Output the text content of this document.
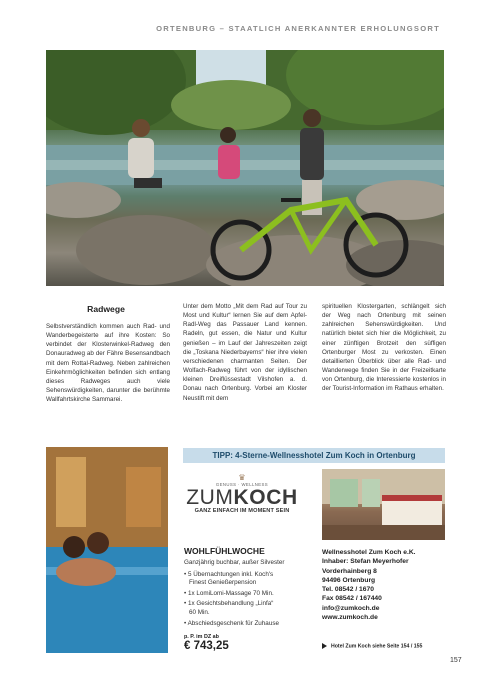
ORTENBURG – STAATLICH ANERKANNTER ERHOLUNGSORT
Radwege

Selbstverständlich kommen auch Rad- und Wanderbegeisterte auf ihre Kosten: So verbindet der Klosterwinkel-Radweg den Donauradweg ab der Fähre Besensandbach mit dem Rottal-Radweg. Neben zahlreichen Einkehrmöglichkeiten befinden sich entlang dieses Radweges auch viele Sehenswürdigkeiten, darunter die berühmte Wallfahrtskirche Sammarei.

Unter dem Motto „Mit dem Rad auf Tour zu Most und Kultur“ lernen Sie auf dem Apfel-Radl-Weg das Passauer Land kennen. Radeln, gut essen, die Natur und Kultur genießen – im Lauf der Jahreszeiten zeigt die „Toskana Niederbayerns“ hier ihre vielen verschiedenen charmanten Seiten. Der Wolfach-Radweg führt von der idyllischen kleinen Dreiflüssestadt Vilshofen a. d. Donau nach Ortenburg. Vorbei am Kloster Neustift mit dem

spirituellen Klostergarten, schlängelt sich der Weg nach Ortenburg mit seinen zahlreichen Sehenswürdigkeiten. Und natürlich bietet sich hier die Möglichkeit, zu einer zünftigen Brotzeit den süffigen Ortenburger Most zu verkosten. Einen detaillierten Überblick über alle Rad- und Wanderwege finden Sie in der Freizeitkarte von Ortenburg, die Interessierte kostenlos in der Tourist-Information im Rathaus erhalten.

TIPP: 4-Sterne-Wellnesshotel Zum Koch in Ortenburg
♛
GENUSS · WELLNESS
ZUMKOCH
GANZ EINFACH IM MOMENT SEIN
WOHLFÜHLWOCHE
Ganzjährig buchbar, außer Silvester
• 5 Übernachtungen inkl. Koch's
Finest Genießerpension
• 1x LomiLomi-Massage 70 Min.
• 1x Gesichtsbehandlung „Linfa“
60 Min.
• Abschiedsgeschenk für Zuhause
p. P. im DZ ab
€ 743,25
Wellnesshotel Zum Koch e.K.
Inhaber: Stefan Meyerhofer
Vorderhainberg 8
94496 Ortenburg
Tel. 08542 / 1670
Fax 08542 / 167440
info@zumkoch.de
www.zumkoch.de
Hotel Zum Koch siehe Seite 154 / 155
157
